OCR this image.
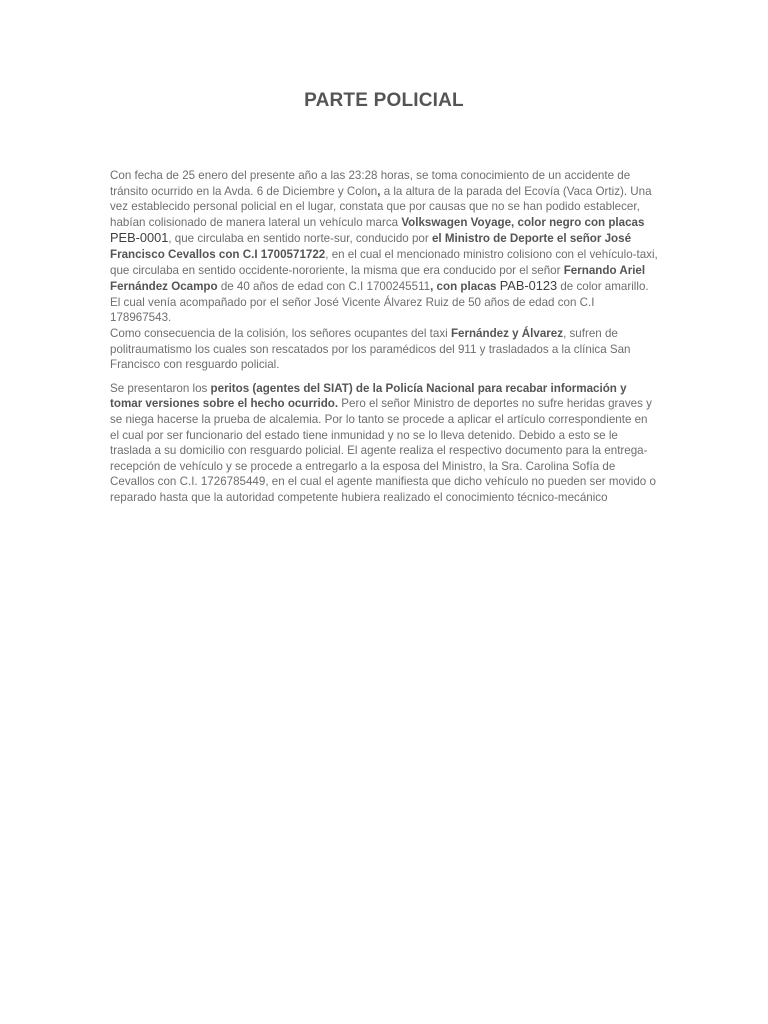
PARTE POLICIAL

Con fecha de 25 enero del presente año a las 23:28 horas, se toma conocimiento de un accidente de tránsito ocurrido en la Avda. 6 de Diciembre y Colon, a la altura de la parada del Ecovía (Vaca Ortiz). Una vez establecido personal policial en el lugar, constata que por causas que no se han podido establecer, habían colisionado de manera lateral un vehículo marca Volkswagen Voyage, color negro con placas PEB-0001, que circulaba en sentido norte-sur, conducido por el Ministro de Deporte el señor José Francisco Cevallos con C.I 1700571722, en el cual el mencionado ministro colisiono con el vehículo-taxi, que circulaba en sentido occidente-nororiente, la misma que era conducido por el señor Fernando Ariel Fernández Ocampo de 40 años de edad con C.I 1700245511, con placas PAB-0123 de color amarillo. El cual venía acompañado por el señor José Vicente Álvarez Ruiz de 50 años de edad con C.I 178967543.

Como consecuencia de la colisión, los señores ocupantes del taxi Fernández y Álvarez, sufren de politraumatismo los cuales son rescatados por los paramédicos del 911 y trasladados a la clínica San Francisco con resguardo policial.

Se presentaron los peritos (agentes del SIAT) de la Policía Nacional para recabar información y tomar versiones sobre el hecho ocurrido. Pero el señor Ministro de deportes no sufre heridas graves y se niega hacerse la prueba de alcalemia. Por lo tanto se procede a aplicar el artículo correspondiente en el cual por ser funcionario del estado tiene inmunidad y no se lo lleva detenido. Debido a esto se le traslada a su domicilio con resguardo policial. El agente realiza el respectivo documento para la entrega-recepción de vehículo y se procede a entregarlo a la esposa del Ministro, la Sra. Carolina Sofía de Cevallos con C.I. 1726785449, en el cual el agente manifiesta que dicho vehículo no pueden ser movido o reparado hasta que la autoridad competente hubiera realizado el conocimiento técnico-mecánico
